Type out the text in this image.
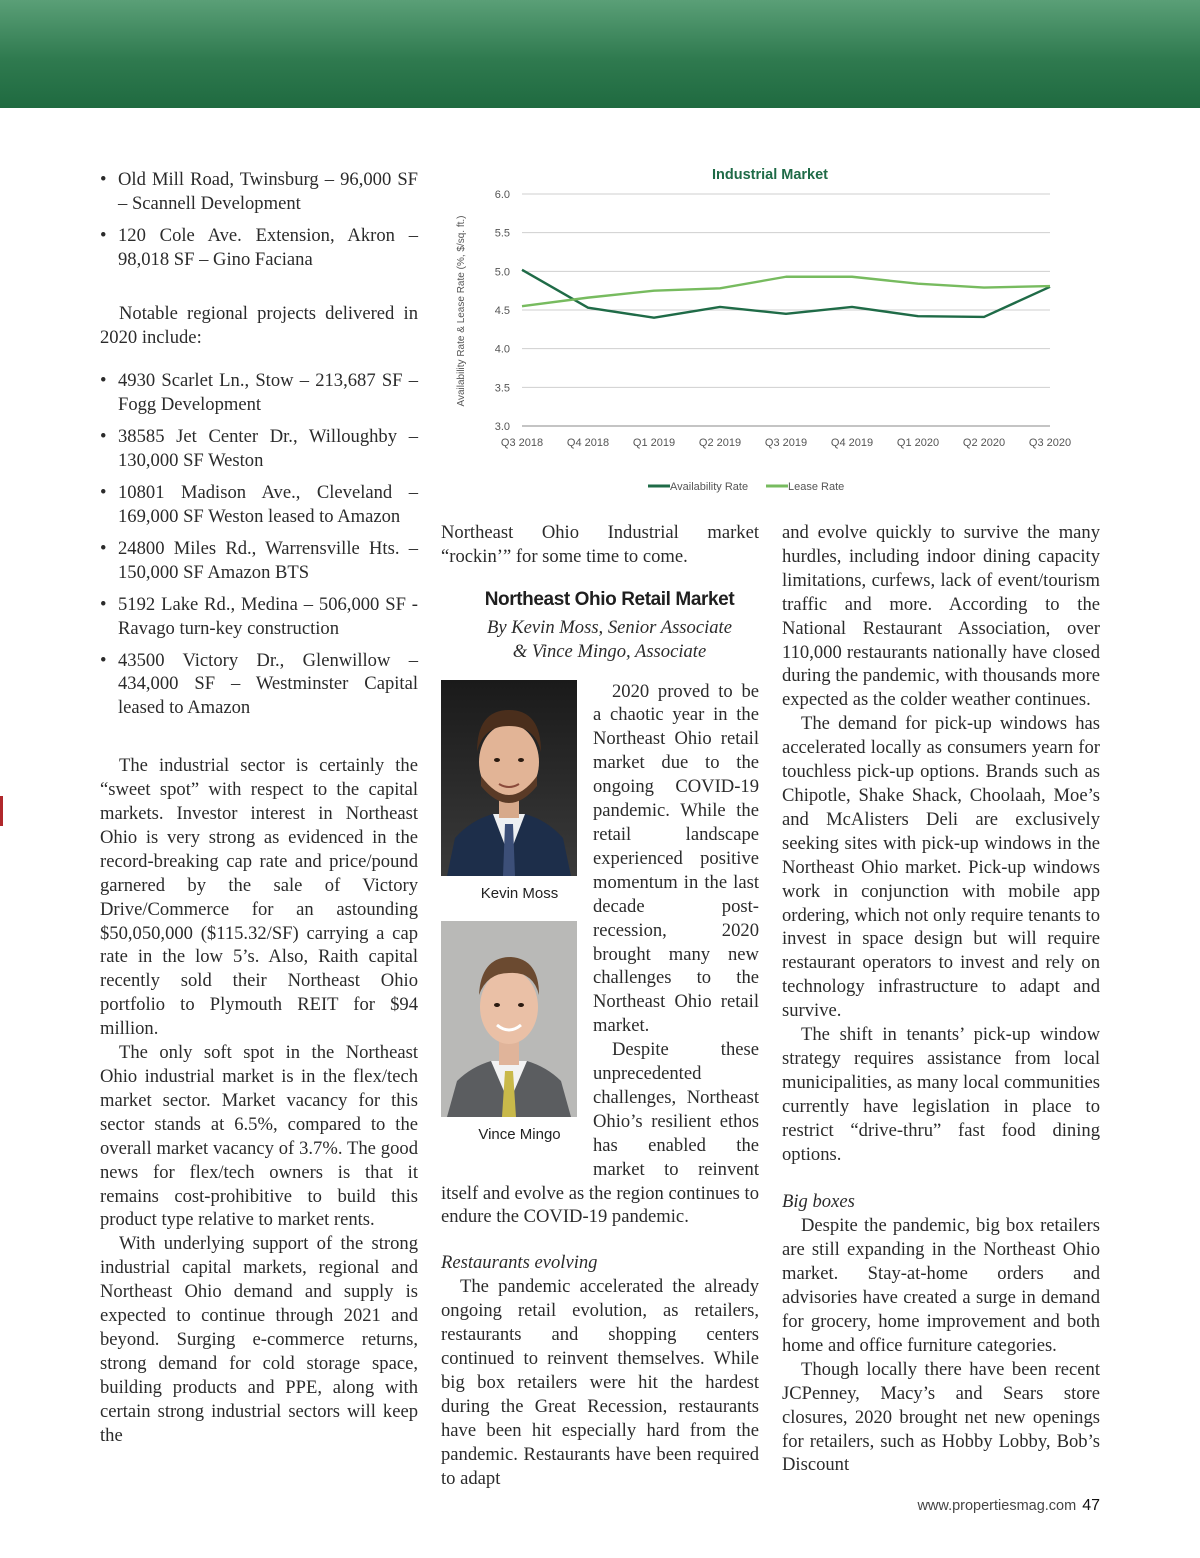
• Old Mill Road, Twinsburg – 96,000 SF – Scannell Development
• 120 Cole Ave. Extension, Akron – 98,018 SF – Gino Faciana

Notable regional projects delivered in 2020 include:

• 4930 Scarlet Ln., Stow – 213,687 SF – Fogg Development
• 38585 Jet Center Dr., Willoughby – 130,000 SF Weston
• 10801 Madison Ave., Cleveland – 169,000 SF Weston leased to Amazon
• 24800 Miles Rd., Warrensville Hts. – 150,000 SF Amazon BTS
• 5192 Lake Rd., Medina – 506,000 SF - Ravago turn-key construction
• 43500 Victory Dr., Glenwillow – 434,000 SF – Westminster Capital leased to Amazon

The industrial sector is certainly the “sweet spot” with respect to the capital markets. Investor interest in Northeast Ohio is very strong as evidenced in the record-breaking cap rate and price/pound garnered by the sale of Victory Drive/Commerce for an astounding $50,050,000 ($115.32/SF) carrying a cap rate in the low 5’s. Also, Raith capital recently sold their Northeast Ohio portfolio to Plymouth REIT for $94 million.

The only soft spot in the Northeast Ohio industrial market is in the flex/tech market sector. Market vacancy for this sector stands at 6.5%, compared to the overall market vacancy of 3.7%. The good news for flex/tech owners is that it remains cost-prohibitive to build this product type relative to market rents.

With underlying support of the strong industrial capital markets, regional and Northeast Ohio demand and supply is expected to continue through 2021 and beyond. Surging e-commerce returns, strong demand for cold storage space, building products and PPE, along with certain strong industrial sectors will keep the

Industrial Market
Availability Rate & Lease Rate (%, $/sq. ft.)
3.0
3.5
4.0
4.5
5.0
5.5
6.0
Q3 2018 Q4 2018 Q1 2019 Q2 2019 Q3 2019 Q4 2019 Q1 2020 Q2 2020 Q3 2020
Availability Rate	Lease Rate

Northeast Ohio Industrial market “rockin’” for some time to come.

Northeast Ohio Retail Market

By Kevin Moss, Senior Associate

& Vince Mingo, Associate

Kevin Moss

Vince Mingo

2020 proved to be a chaotic year in the Northeast Ohio retail market due to the ongoing COVID-19 pandemic. While the retail landscape experienced positive momentum in the last decade post-recession, 2020 brought many new challenges to the Northeast Ohio retail market.

Despite these unprecedented challenges, Northeast Ohio’s resilient ethos has enabled the market to reinvent itself and evolve as the region continues to endure the COVID-19 pandemic.

Restaurants evolving

The pandemic accelerated the already ongoing retail evolution, as retailers, restaurants and shopping centers continued to reinvent themselves. While big box retailers were hit the hardest during the Great Recession, restaurants have been hit especially hard from the pandemic. Restaurants have been required to adapt

and evolve quickly to survive the many hurdles, including indoor dining capacity limitations, curfews, lack of event/tourism traffic and more. According to the National Restaurant Association, over 110,000 restaurants nationally have closed during the pandemic, with thousands more expected as the colder weather continues.

The demand for pick-up windows has accelerated locally as consumers yearn for touchless pick-up options. Brands such as Chipotle, Shake Shack, Choolaah, Moe’s and McAlisters Deli are exclusively seeking sites with pick-up windows in the Northeast Ohio market. Pick-up windows work in conjunction with mobile app ordering, which not only require tenants to invest in space design but will require restaurant operators to invest and rely on technology infrastructure to adapt and survive.

The shift in tenants’ pick-up window strategy requires assistance from local municipalities, as many local communities currently have legislation in place to restrict “drive-thru” fast food dining options.

Big boxes

Despite the pandemic, big box retailers are still expanding in the Northeast Ohio market. Stay-at-home orders and advisories have created a surge in demand for grocery, home improvement and both home and office furniture categories.

Though locally there have been recent JCPenney, Macy’s and Sears store closures, 2020 brought net new openings for retailers, such as Hobby Lobby, Bob’s Discount

www.propertiesmag.com 47
